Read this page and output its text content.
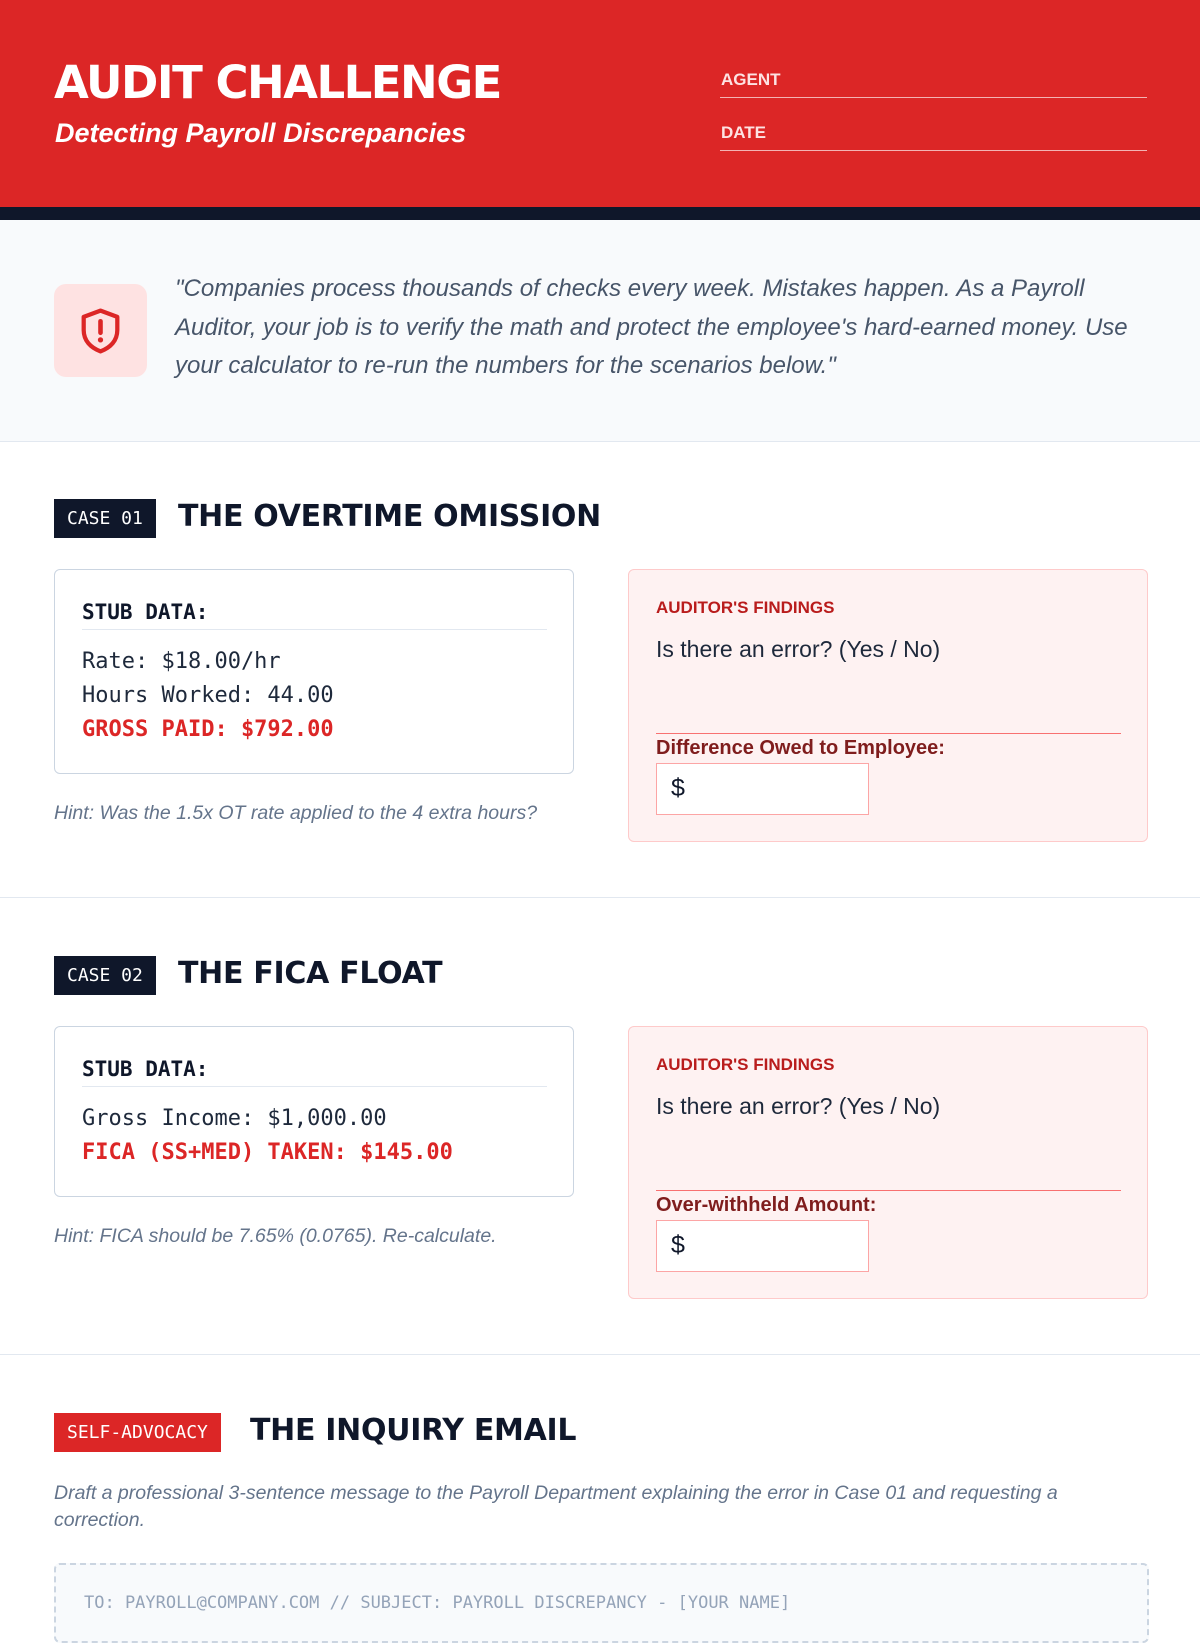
AUDIT CHALLENGE
Detecting Payroll Discrepancies
AGENT
DATE
"Companies process thousands of checks every week. Mistakes happen. As a Payroll Auditor, your job is to verify the math and protect the employee's hard-earned money. Use your calculator to re-run the numbers for the scenarios below."
CASE 01	THE OVERTIME OMISSION
STUB DATA:
Rate: $18.00/hr
Hours Worked: 44.00
GROSS PAID: $792.00
Hint: Was the 1.5x OT rate applied to the 4 extra hours?
AUDITOR'S FINDINGS
Is there an error? (Yes / No)
Difference Owed to Employee:
$
CASE 02	THE FICA FLOAT
STUB DATA:
Gross Income: $1,000.00
FICA (SS+MED) TAKEN: $145.00
Hint: FICA should be 7.65% (0.0765). Re-calculate.
AUDITOR'S FINDINGS
Is there an error? (Yes / No)
Over-withheld Amount:
$
SELF-ADVOCACY	THE INQUIRY EMAIL
Draft a professional 3-sentence message to the Payroll Department explaining the error in Case 01 and requesting a correction.
TO: PAYROLL@COMPANY.COM // SUBJECT: PAYROLL DISCREPANCY - [YOUR NAME]
